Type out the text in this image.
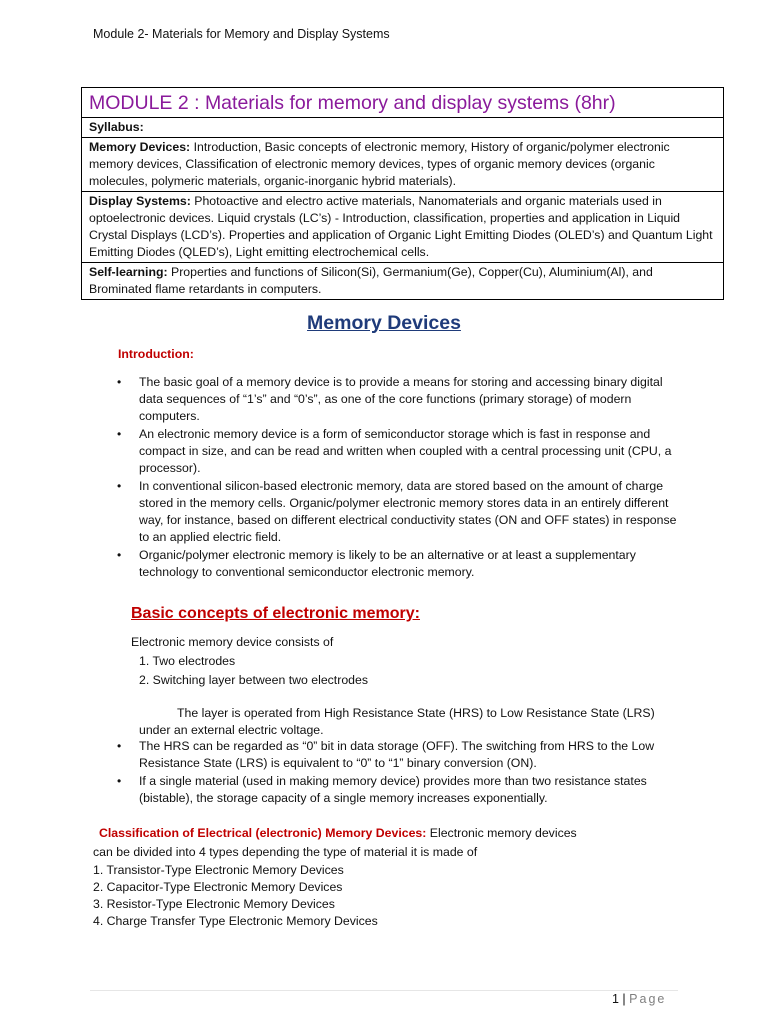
Module 2- Materials for Memory and Display Systems
MODULE 2 : Materials for memory and display systems (8hr)
Syllabus:
Memory Devices: Introduction, Basic concepts of electronic memory, History of organic/polymer electronic memory devices, Classification of electronic memory devices, types of organic memory devices (organic molecules, polymeric materials, organic-inorganic hybrid materials).
Display Systems: Photoactive and electro active materials, Nanomaterials and organic materials used in optoelectronic devices. Liquid crystals (LC’s) - Introduction, classification, properties and application in Liquid Crystal Displays (LCD’s). Properties and application of Organic Light Emitting Diodes (OLED’s) and Quantum Light Emitting Diodes (QLED’s), Light emitting electrochemical cells.
Self-learning: Properties and functions of Silicon(Si), Germanium(Ge), Copper(Cu), Aluminium(Al), and Brominated flame retardants in computers.
Memory Devices
Introduction:
• The basic goal of a memory device is to provide a means for storing and accessing binary digital data sequences of “1’s” and “0’s”, as one of the core functions (primary storage) of modern computers.
• An electronic memory device is a form of semiconductor storage which is fast in response and compact in size, and can be read and written when coupled with a central processing unit (CPU, a processor).
• In conventional silicon-based electronic memory, data are stored based on the amount of charge stored in the memory cells. Organic/polymer electronic memory stores data in an entirely different way, for instance, based on different electrical conductivity states (ON and OFF states) in response to an applied electric field.
• Organic/polymer electronic memory is likely to be an alternative or at least a supplementary technology to conventional semiconductor electronic memory.
Basic concepts of electronic memory:
Electronic memory device consists of
1. Two electrodes
2. Switching layer between two electrodes
The layer is operated from High Resistance State (HRS) to Low Resistance State (LRS) under an external electric voltage.
• The HRS can be regarded as “0” bit in data storage (OFF). The switching from HRS to the Low Resistance State (LRS) is equivalent to “0” to “1” binary conversion (ON).
• If a single material (used in making memory device) provides more than two resistance states (bistable), the storage capacity of a single memory increases exponentially.
Classification of Electrical (electronic) Memory Devices: Electronic memory devices
can be divided into 4 types depending the type of material it is made of
1. Transistor-Type Electronic Memory Devices
2. Capacitor-Type Electronic Memory Devices
3. Resistor-Type Electronic Memory Devices
4. Charge Transfer Type Electronic Memory Devices
1 | Page
